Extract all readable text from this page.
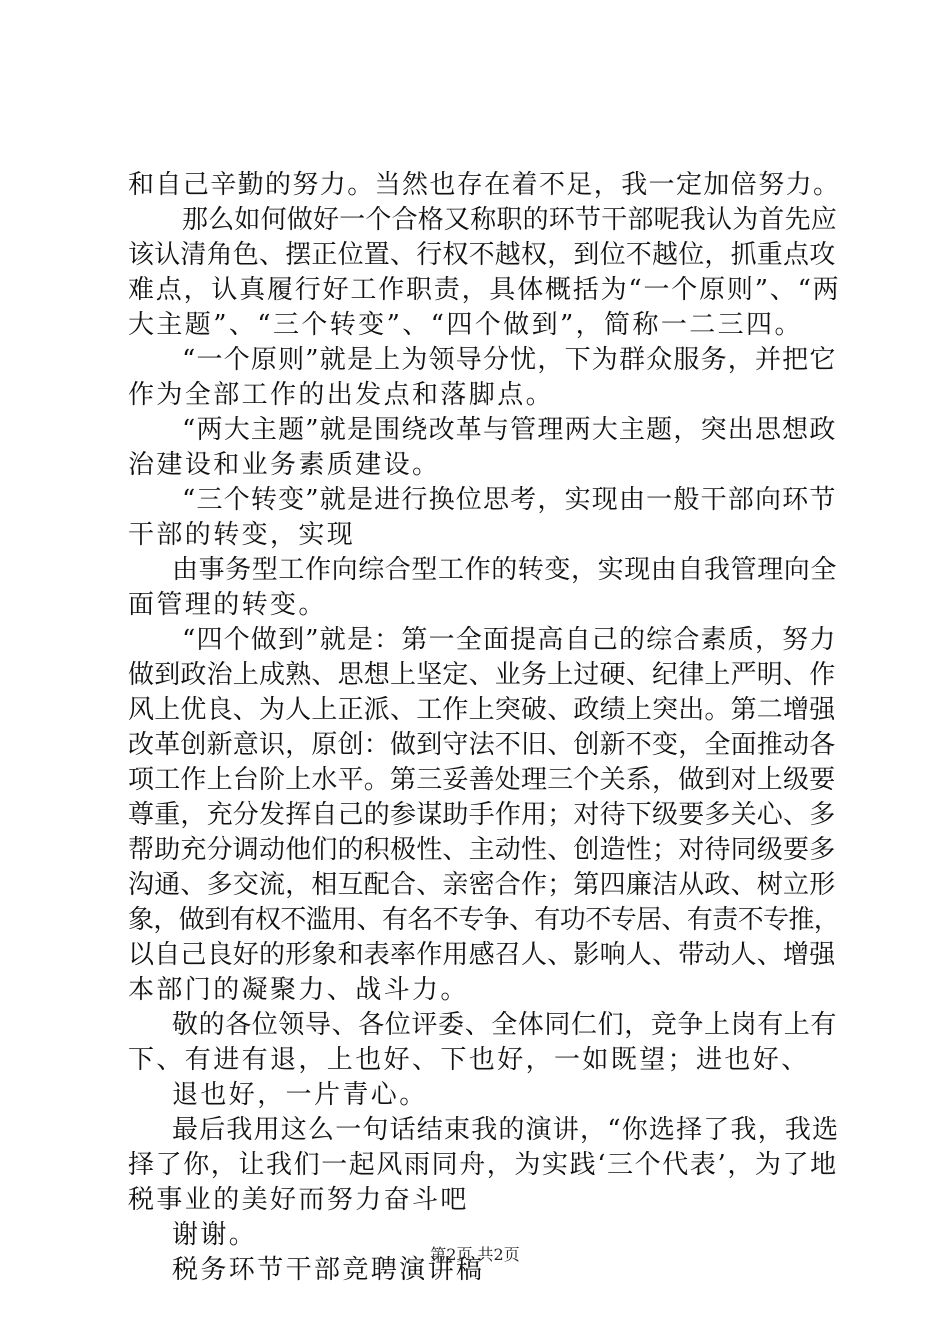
和自己辛勤的努力。当然也存在着不足，我一定加倍努力。
那么如何做好一个合格又称职的环节干部呢我认为首先应
该认清角色、摆正位置、行权不越权，到位不越位，抓重点攻
难点，认真履行好工作职责，具体概括为“一个原则”、“两
大主题”、“三个转变”、“四个做到”，简称一二三四。
“一个原则”就是上为领导分忧，下为群众服务，并把它
作为全部工作的出发点和落脚点。
“两大主题”就是围绕改革与管理两大主题，突出思想政
治建设和业务素质建设。
“三个转变”就是进行换位思考，实现由一般干部向环节
干部的转变，实现
由事务型工作向综合型工作的转变，实现由自我管理向全
面管理的转变。
“四个做到”就是：第一全面提高自己的综合素质，努力
做到政治上成熟、思想上坚定、业务上过硬、纪律上严明、作
风上优良、为人上正派、工作上突破、政绩上突出。第二增强
改革创新意识，原创：做到守法不旧、创新不变，全面推动各
项工作上台阶上水平。第三妥善处理三个关系，做到对上级要
尊重，充分发挥自己的参谋助手作用；对待下级要多关心、多
帮助充分调动他们的积极性、主动性、创造性；对待同级要多
沟通、多交流，相互配合、亲密合作；第四廉洁从政、树立形
象，做到有权不滥用、有名不专争、有功不专居、有责不专推，
以自己良好的形象和表率作用感召人、影响人、带动人、增强
本部门的凝聚力、战斗力。
敬的各位领导、各位评委、全体同仁们，竞争上岗有上有
下、有进有退，上也好、下也好，一如既望；进也好、
退也好，一片青心。
最后我用这么一句话结束我的演讲，“你选择了我，我选
择了你，让我们一起风雨同舟，为实践‘三个代表’，为了地
税事业的美好而努力奋斗吧
谢谢。
税务环节干部竞聘演讲稿
第2页 共2页
